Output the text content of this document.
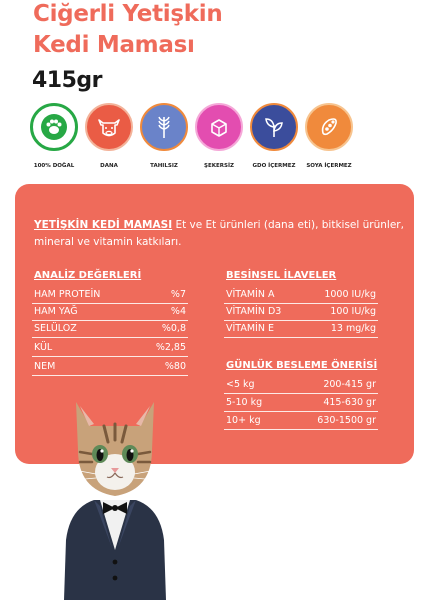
Ciğerli Yetişkin
Kedi Maması
415gr
100% DOĞAL	DANA	TAHILSIZ	ŞEKERSİZ	GDO İÇERMEZ	SOYA İÇERMEZ
YETİŞKİN KEDİ MAMASI Et ve Et ürünleri (dana eti), bitkisel ürünler, mineral ve vitamin katkıları.
ANALİZ DEĞERLERİ
HAM PROTEİN	%7
HAM YAĞ	%4
SELÜLOZ	%0,8
KÜL	%2,85
NEM	%80
BESİNSEL İLAVELER
VİTAMİN A	1000 IU/kg
VİTAMİN D3	100 IU/kg
VİTAMİN E	13 mg/kg
GÜNLÜK BESLEME ÖNERİSİ
<5 kg	200-415 gr
5-10 kg	415-630 gr
10+ kg	630-1500 gr
